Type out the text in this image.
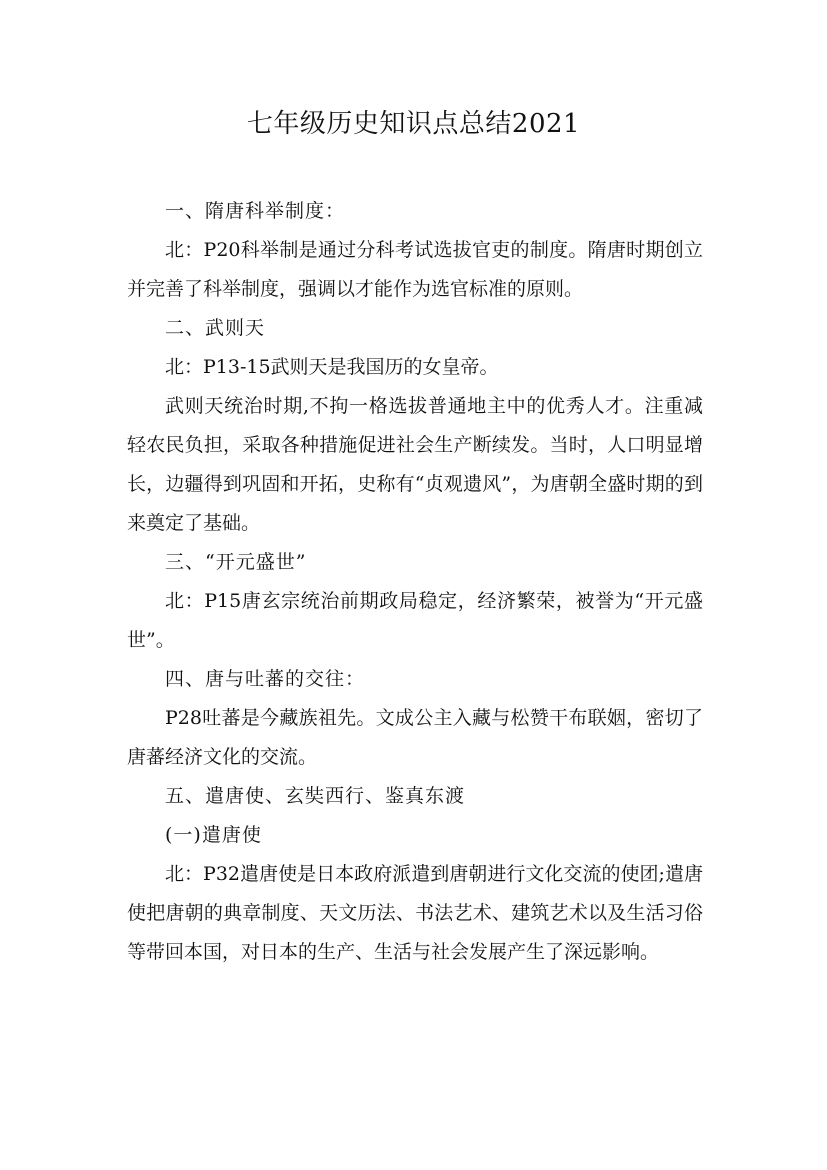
七年级历史知识点总结2021

一、隋唐科举制度：

北：P20科举制是通过分科考试选拔官吏的制度。隋唐时期创立并完善了科举制度，强调以才能作为选官标准的原则。

二、武则天

北：P13-15武则天是我国历的女皇帝。

武则天统治时期,不拘一格选拔普通地主中的优秀人才。注重减轻农民负担，采取各种措施促进社会生产断续发。当时，人口明显增长，边疆得到巩固和开拓，史称有“贞观遗风”，为唐朝全盛时期的到来奠定了基础。

三、“开元盛世”

北：P15唐玄宗统治前期政局稳定，经济繁荣，被誉为“开元盛世”。

四、唐与吐蕃的交往：

P28吐蕃是今藏族祖先。文成公主入藏与松赞干布联姻，密切了唐蕃经济文化的交流。

五、遣唐使、玄奘西行、鉴真东渡

(一)遣唐使

北：P32遣唐使是日本政府派遣到唐朝进行文化交流的使团;遣唐使把唐朝的典章制度、天文历法、书法艺术、建筑艺术以及生活习俗等带回本国，对日本的生产、生活与社会发展产生了深远影响。
